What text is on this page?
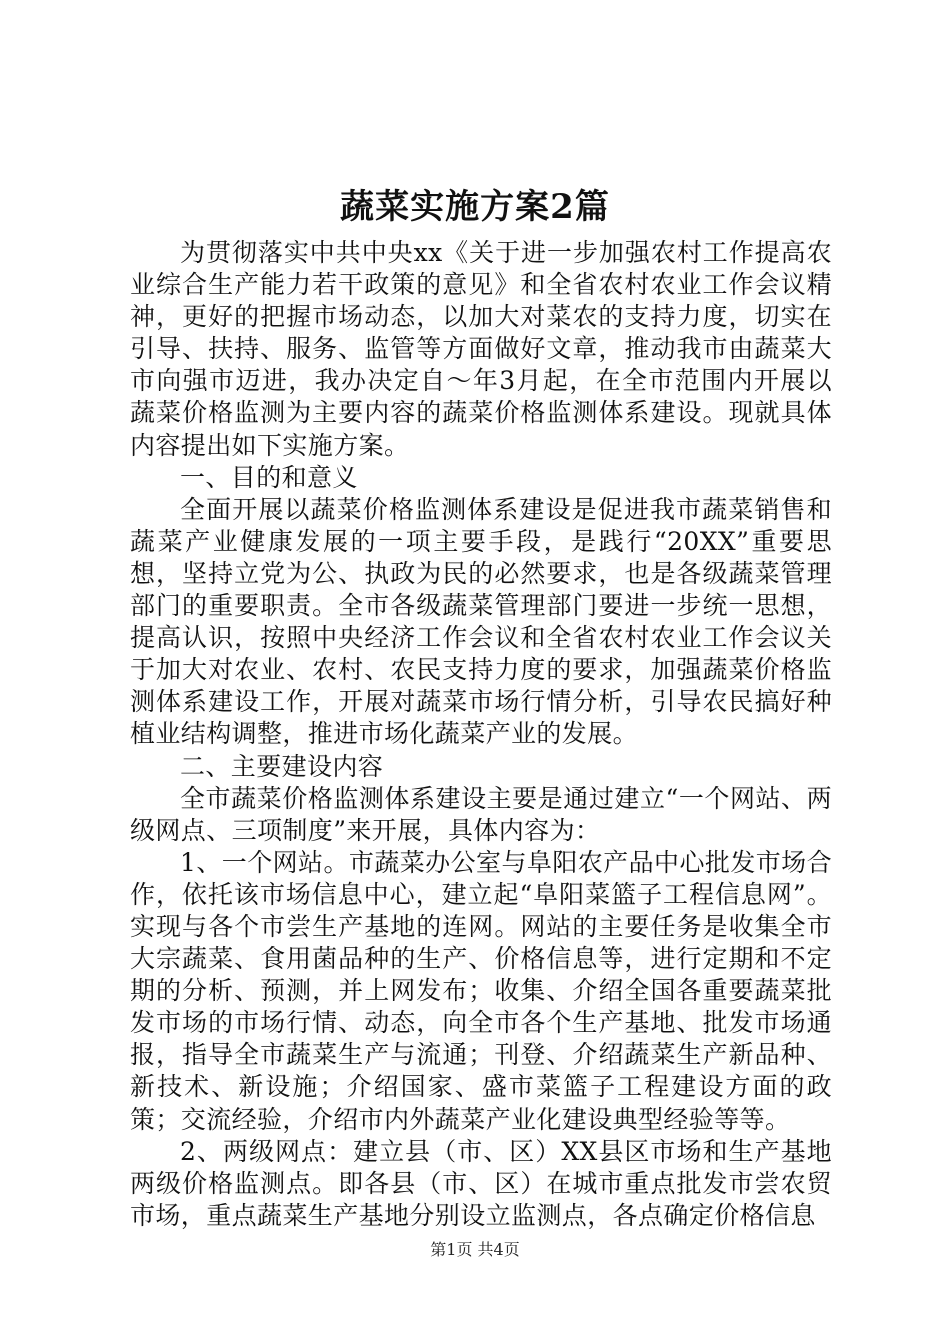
蔬菜实施方案2篇

为贯彻落实中共中央xx《关于进一步加强农村工作提高农业综合生产能力若干政策的意见》和全省农村农业工作会议精神，更好的把握市场动态，以加大对菜农的支持力度，切实在引导、扶持、服务、监管等方面做好文章，推动我市由蔬菜大市向强市迈进，我办决定自～年3月起，在全市范围内开展以蔬菜价格监测为主要内容的蔬菜价格监测体系建设。现就具体内容提出如下实施方案。

一、目的和意义

全面开展以蔬菜价格监测体系建设是促进我市蔬菜销售和蔬菜产业健康发展的一项主要手段，是践行“20XX”重要思想，坚持立党为公、执政为民的必然要求，也是各级蔬菜管理部门的重要职责。全市各级蔬菜管理部门要进一步统一思想，提高认识，按照中央经济工作会议和全省农村农业工作会议关于加大对农业、农村、农民支持力度的要求，加强蔬菜价格监测体系建设工作，开展对蔬菜市场行情分析，引导农民搞好种植业结构调整，推进市场化蔬菜产业的发展。

二、主要建设内容

全市蔬菜价格监测体系建设主要是通过建立“一个网站、两级网点、三项制度”来开展，具体内容为：

1、一个网站。市蔬菜办公室与阜阳农产品中心批发市场合作，依托该市场信息中心，建立起“阜阳菜篮子工程信息网”。实现与各个市尝生产基地的连网。网站的主要任务是收集全市大宗蔬菜、食用菌品种的生产、价格信息等，进行定期和不定期的分析、预测，并上网发布；收集、介绍全国各重要蔬菜批发市场的市场行情、动态，向全市各个生产基地、批发市场通报，指导全市蔬菜生产与流通；刊登、介绍蔬菜生产新品种、新技术、新设施；介绍国家、盛市菜篮子工程建设方面的政策；交流经验，介绍市内外蔬菜产业化建设典型经验等等。

2、两级网点：建立县（市、区）XX县区市场和生产基地两级价格监测点。即各县（市、区）在城市重点批发市尝农贸市场，重点蔬菜生产基地分别设立监测点，各点确定价格信息

第1页 共4页
